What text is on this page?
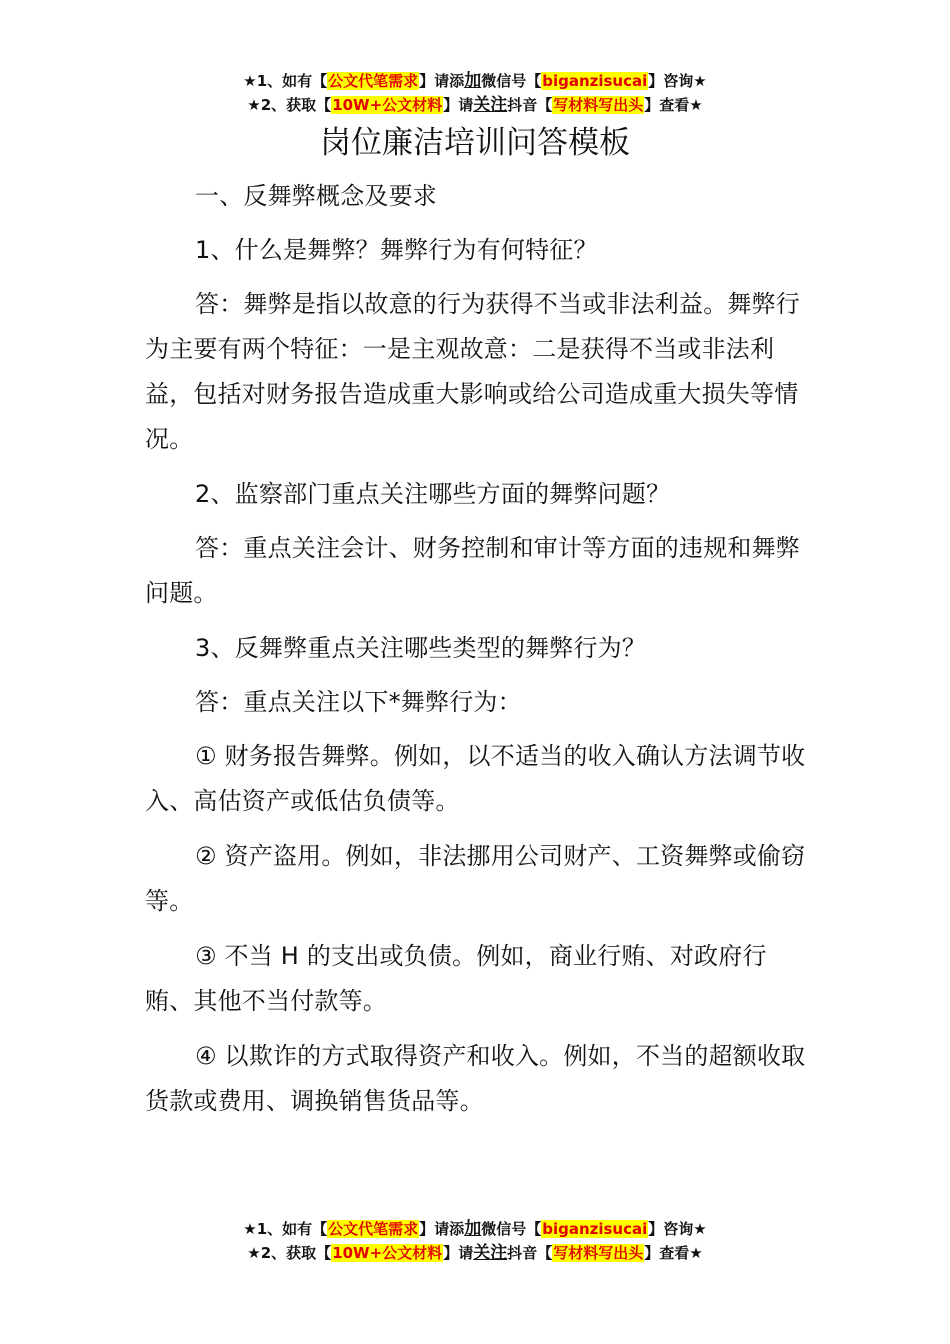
★1、如有【公文代笔需求】请添加微信号【biganzisucai】咨询★
★2、获取【10W+公文材料】请关注抖音【写材料写出头】查看★
岗位廉洁培训问答模板

一、反舞弊概念及要求

1、什么是舞弊？舞弊行为有何特征？

答：舞弊是指以故意的行为获得不当或非法利益。舞弊行为主要有两个特征：一是主观故意：二是获得不当或非法利益，包括对财务报告造成重大影响或给公司造成重大损失等情况。

2、监察部门重点关注哪些方面的舞弊问题？

答：重点关注会计、财务控制和审计等方面的违规和舞弊问题。

3、反舞弊重点关注哪些类型的舞弊行为？

答：重点关注以下*舞弊行为：

① 财务报告舞弊。例如，以不适当的收入确认方法调节收入、高估资产或低估负债等。

② 资产盗用。例如，非法挪用公司财产、工资舞弊或偷窃等。

③ 不当 H 的支出或负债。例如，商业行贿、对政府行贿、其他不当付款等。

④ 以欺诈的方式取得资产和收入。例如，不当的超额收取货款或费用、调换销售货品等。

★1、如有【公文代笔需求】请添加微信号【biganzisucai】咨询★
★2、获取【10W+公文材料】请关注抖音【写材料写出头】查看★
